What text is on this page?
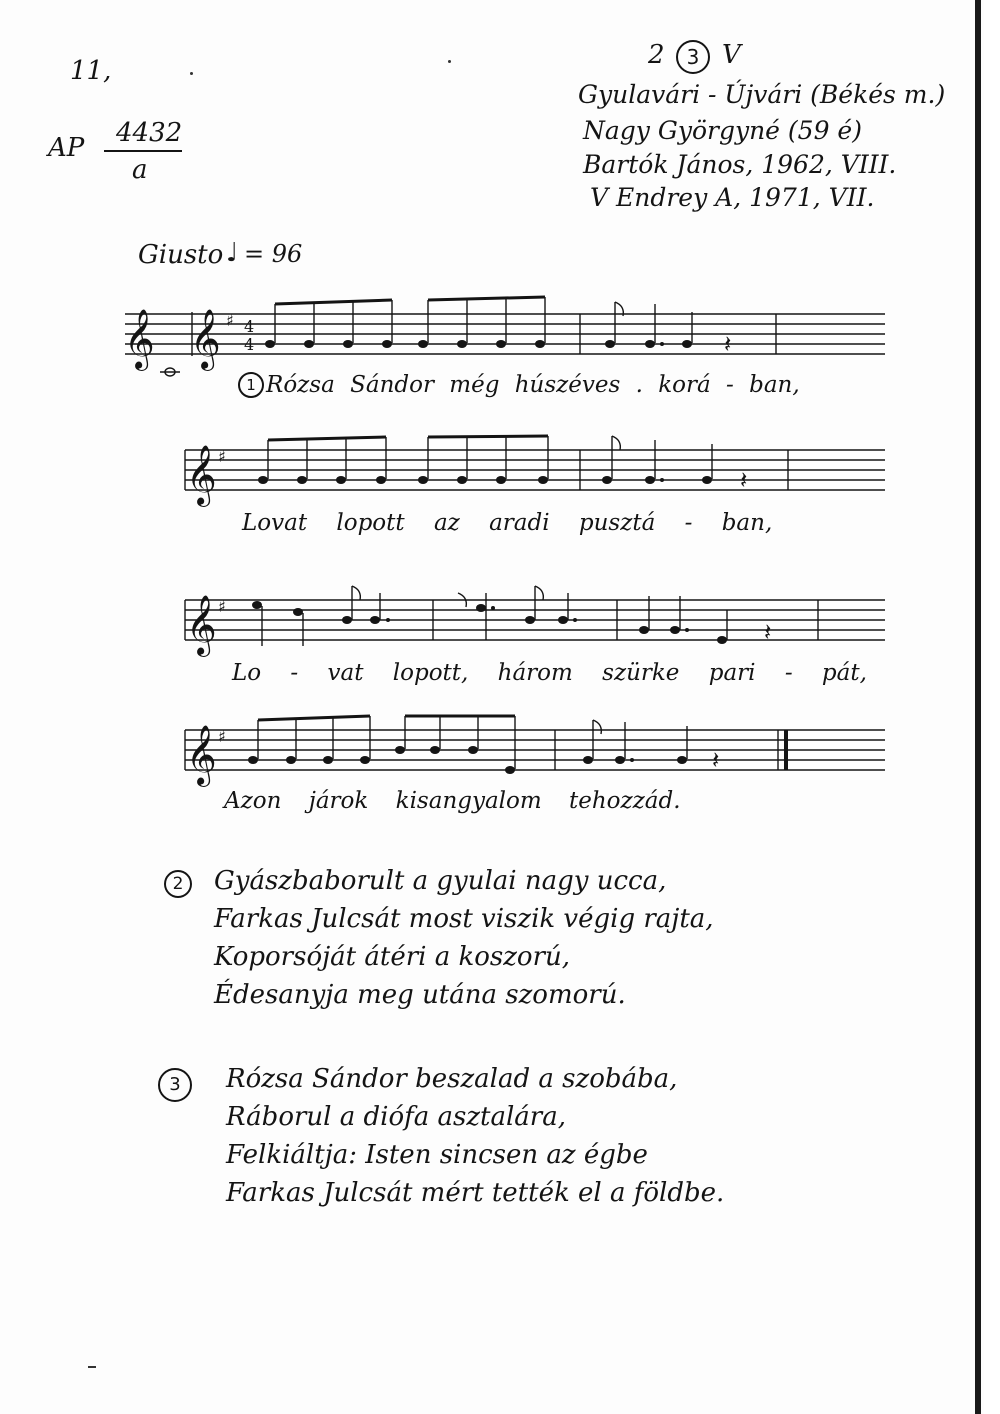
11,
AP 4432
a
2	3 V
Gyulavári - Újvári (Békés m.)
Nagy Györgyné (59 é)
Bartók János, 1962, VIII.
V Endrey A, 1971, VII.
Giusto ♩ = 96
𝄞 𝄞 ♯ 4
4	𝄽
1 Rózsa Sándor még húszéves . korá - ban,
𝄞 ♯
𝄽
Lovat lopott az aradi pusztá - ban,
𝄞 ♯
𝄽
Lo - vat lopott, három szürke pari - pát,
𝄞 ♯
𝄽
Azon járok kisangyalom tehozzád.
2	Gyászbaborult a gyulai nagy ucca,
Farkas Julcsát most viszik végig rajta,
Koporsóját átéri a koszorú,
Édesanyja meg utána szomorú.
3	Rózsa Sándor beszalad a szobába,
Ráborul a diófa asztalára,
Felkiáltja: Isten sincsen az égbe
Farkas Julcsát mért tették el a földbe.
